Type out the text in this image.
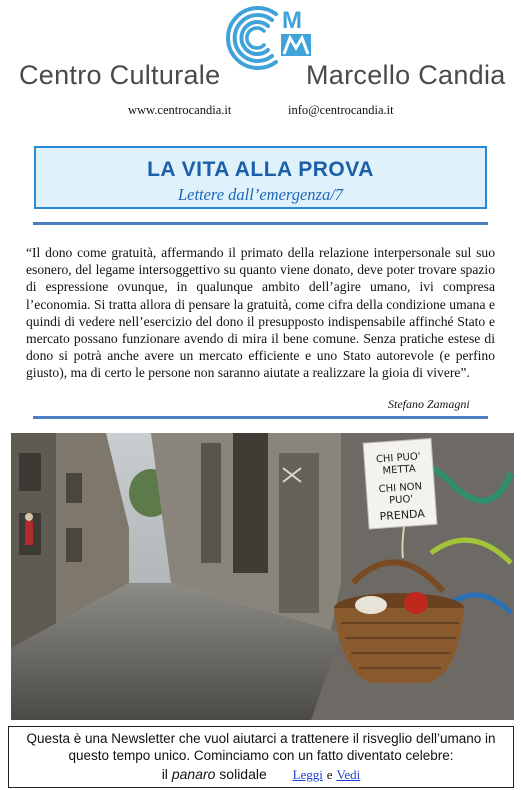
M
Centro Culturale	Marcello Candia
www.centrocandia.it	info@centrocandia.it
LA VITA ALLA PROVA
Lettere dall’emergenza/7
“Il dono come gratuità, affermando il primato della relazione interpersonale sul suo esonero, del legame intersoggettivo su quanto viene donato, deve poter trovare spazio di espressione ovunque, in qualunque ambito dell’agire umano, ivi compresa l’economia. Si tratta allora di pensare la gratuità, come cifra della condizione umana e quindi di vedere nell’esercizio del dono il presupposto indispensabile affinché Stato e mercato possano funzionare avendo di mira il bene comune. Senza pratiche estese di dono si potrà anche avere un mercato efficiente e uno Stato autorevole (e perfino giusto), ma di certo le persone non saranno aiutate a realizzare la gioia di vivere”.
Stefano Zamagni
CHI PUO'
METTA
CHI NON
PUO'
PRENDA
Questa è una Newsletter che vuol aiutarci a trattenere il risveglio dell’umano in questo tempo unico. Cominciamo con un fatto diventato celebre:
il panaro solidale Leggi e Vedi
